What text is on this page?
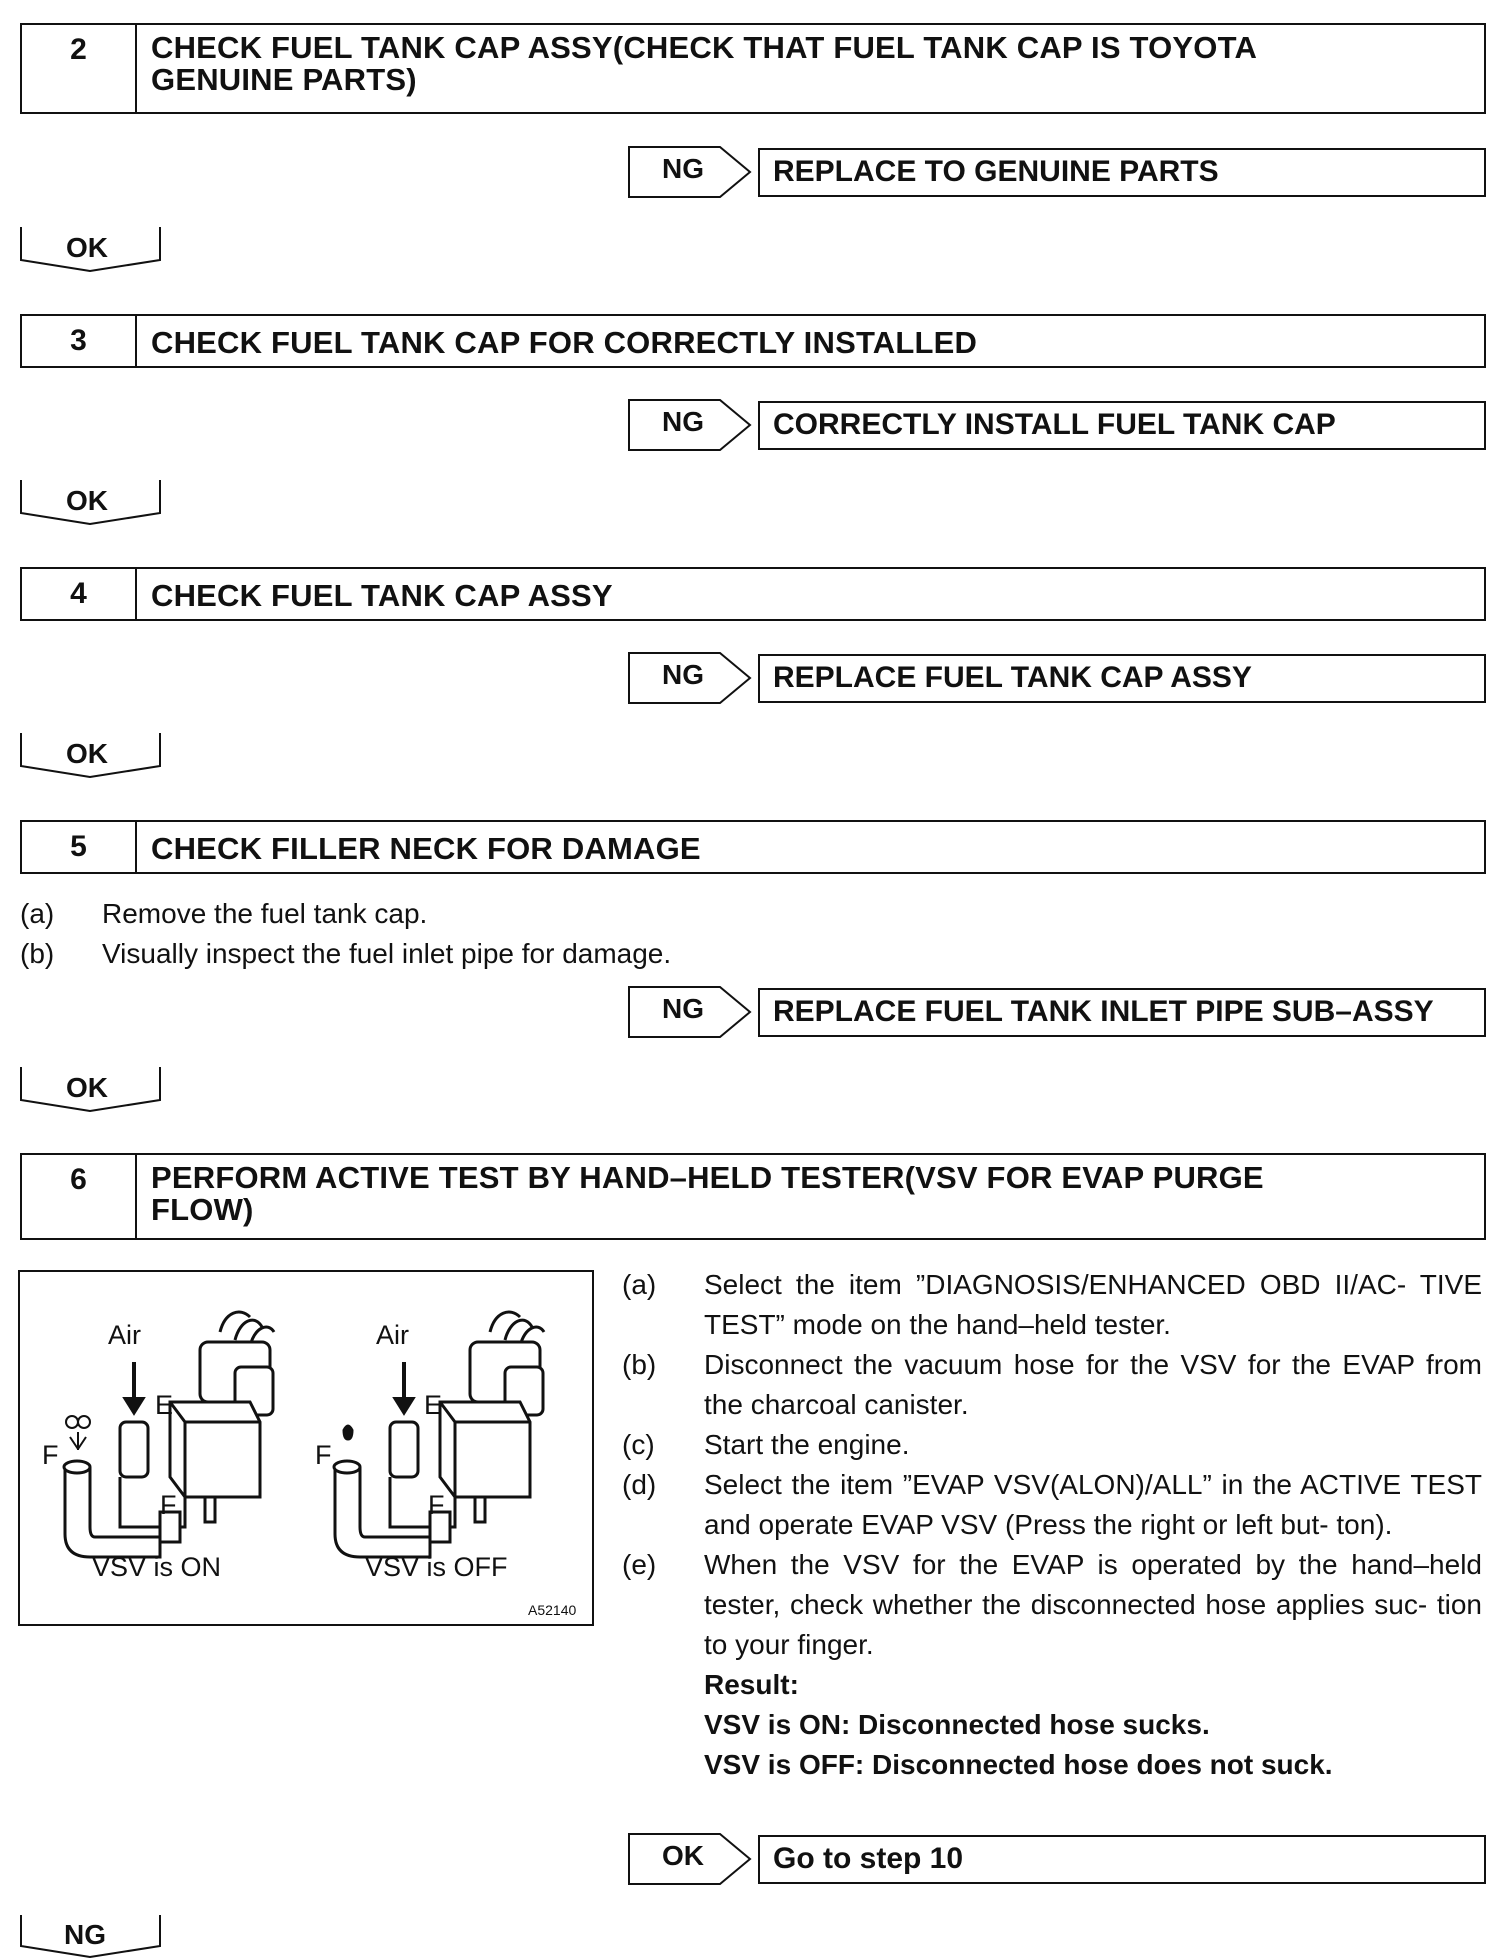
2	CHECK FUEL TANK CAP ASSY(CHECK THAT FUEL TANK CAP IS TOYOTA
GENUINE PARTS)
NG	REPLACE TO GENUINE PARTS
OK
3	CHECK FUEL TANK CAP FOR CORRECTLY INSTALLED
NG	CORRECTLY INSTALL FUEL TANK CAP
OK
4	CHECK FUEL TANK CAP ASSY
NG	REPLACE FUEL TANK CAP ASSY
OK
5	CHECK FILLER NECK FOR DAMAGE
(a) Remove the fuel tank cap.
(b) Visually inspect the fuel inlet pipe for damage.
NG	REPLACE FUEL TANK INLET PIPE SUB–ASSY
OK
6	PERFORM ACTIVE TEST BY HAND–HELD TESTER(VSV FOR EVAP PURGE
FLOW)
Air	Air
E	E
F
F
F
F
VSV is ON	VSV is OFF
A52140
(a) Select the item ”DIAGNOSIS/ENHANCED OBD II/AC- TIVE TEST” mode on the hand–held tester.
(b) Disconnect the vacuum hose for the VSV for the EVAP from the charcoal canister.
(c) Start the engine.
(d) Select the item ”EVAP VSV(ALON)/ALL” in the ACTIVE TEST and operate EVAP VSV (Press the right or left but- ton).
(e) When the VSV for the EVAP is operated by the hand–held tester, check whether the disconnected hose applies suc- tion to your finger.
Result:
VSV is ON: Disconnected hose sucks.
VSV is OFF: Disconnected hose does not suck.
OK	Go to step 10
NG
